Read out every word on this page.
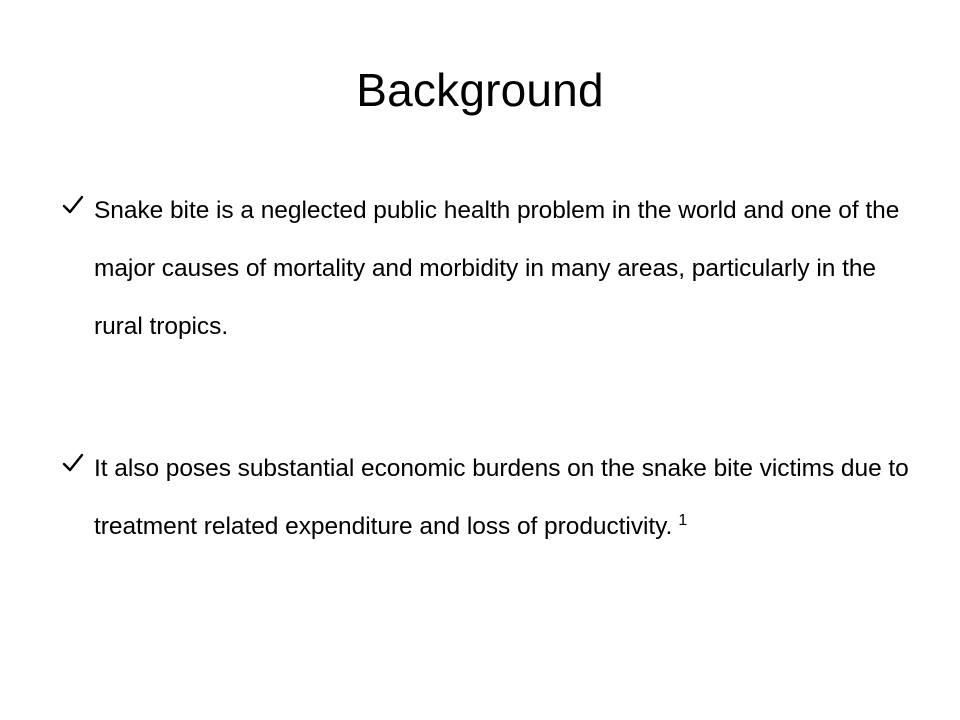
Background
Snake bite is a neglected public health problem in the world and one of the major causes of mortality and morbidity in many areas, particularly in the rural tropics.
It also poses substantial economic burdens on the snake bite victims due to treatment related expenditure and loss of productivity. $^1$
